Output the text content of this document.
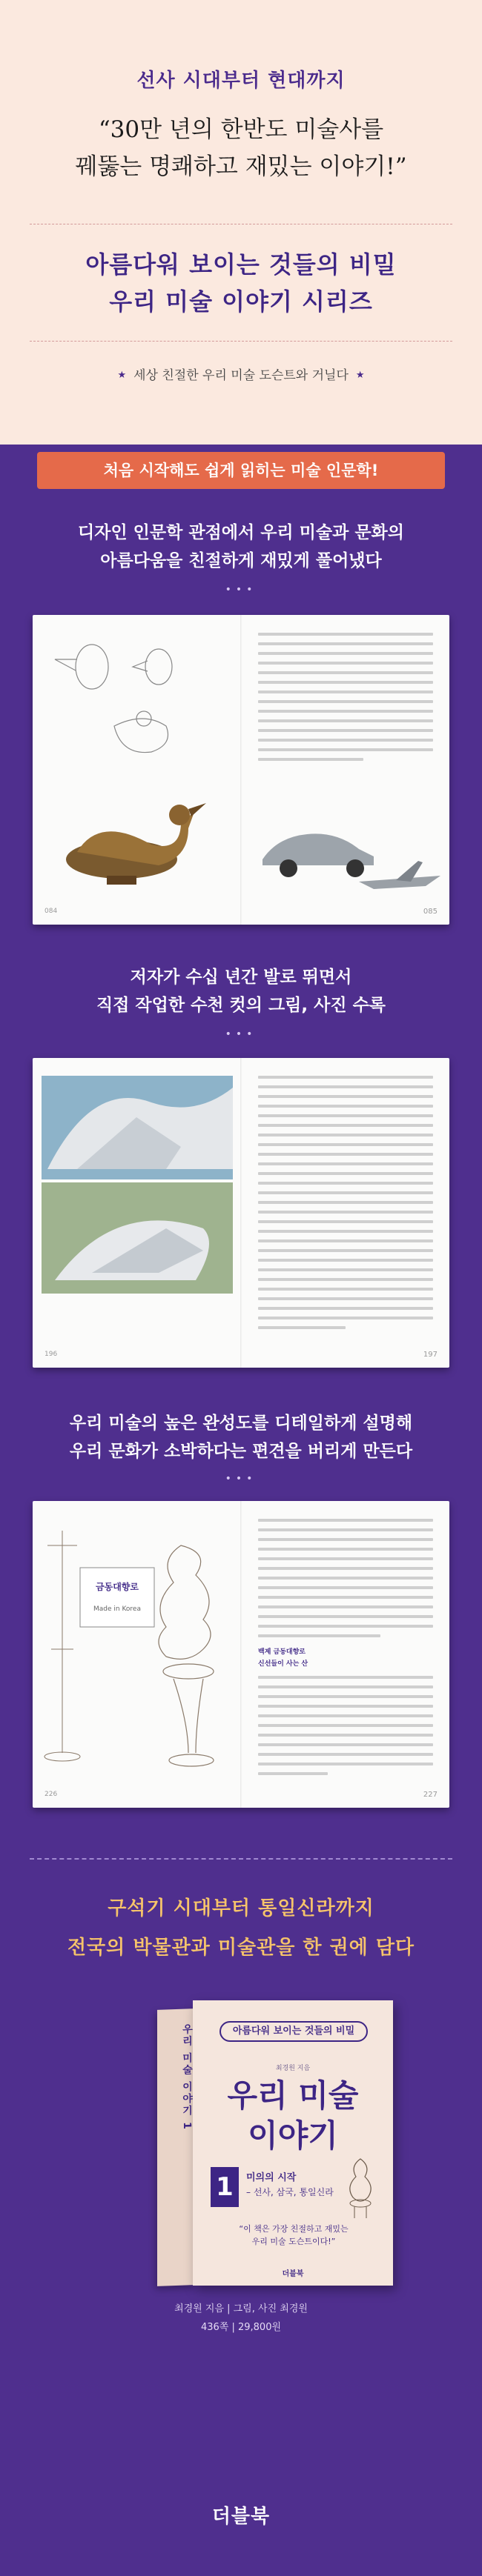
선사 시대부터 현대까지
“30만 년의 한반도 미술사를
꿰뚫는 명쾌하고 재밌는 이야기!”
아름다워 보이는 것들의 비밀
우리 미술 이야기 시리즈
★ 세상 친절한 우리 미술 도슨트와 거닐다 ★
처음 시작해도 쉽게 읽히는 미술 인문학!
디자인 인문학 관점에서 우리 미술과 문화의
아름다움을 친절하게 재밌게 풀어냈다
•••
084	085
저자가 수십 년간 발로 뛰면서
직접 작업한 수천 컷의 그림, 사진 수록
•••
196	197
우리 미술의 높은 완성도를 디테일하게 설명해
우리 문화가 소박하다는 편견을 버리게 만든다
•••
금동대향로
Made in Korea
226
백제 금동대향로
신선들이 사는 산
227
구석기 시대부터 통일신라까지
전국의 박물관과 미술관을 한 권에 담다
우리 미술 이야기 1	아름다워 보이는 것들의 비밀
최경원 지음
우리 미술
이야기
1	미의의 시작
– 선사, 삼국, 통일신라
“이 책은 가장 친절하고 재밌는
우리 미술 도슨트이다!”
더블북
최경원 지음 | 그림, 사진 최경원
436쪽 | 29,800원
더블북
